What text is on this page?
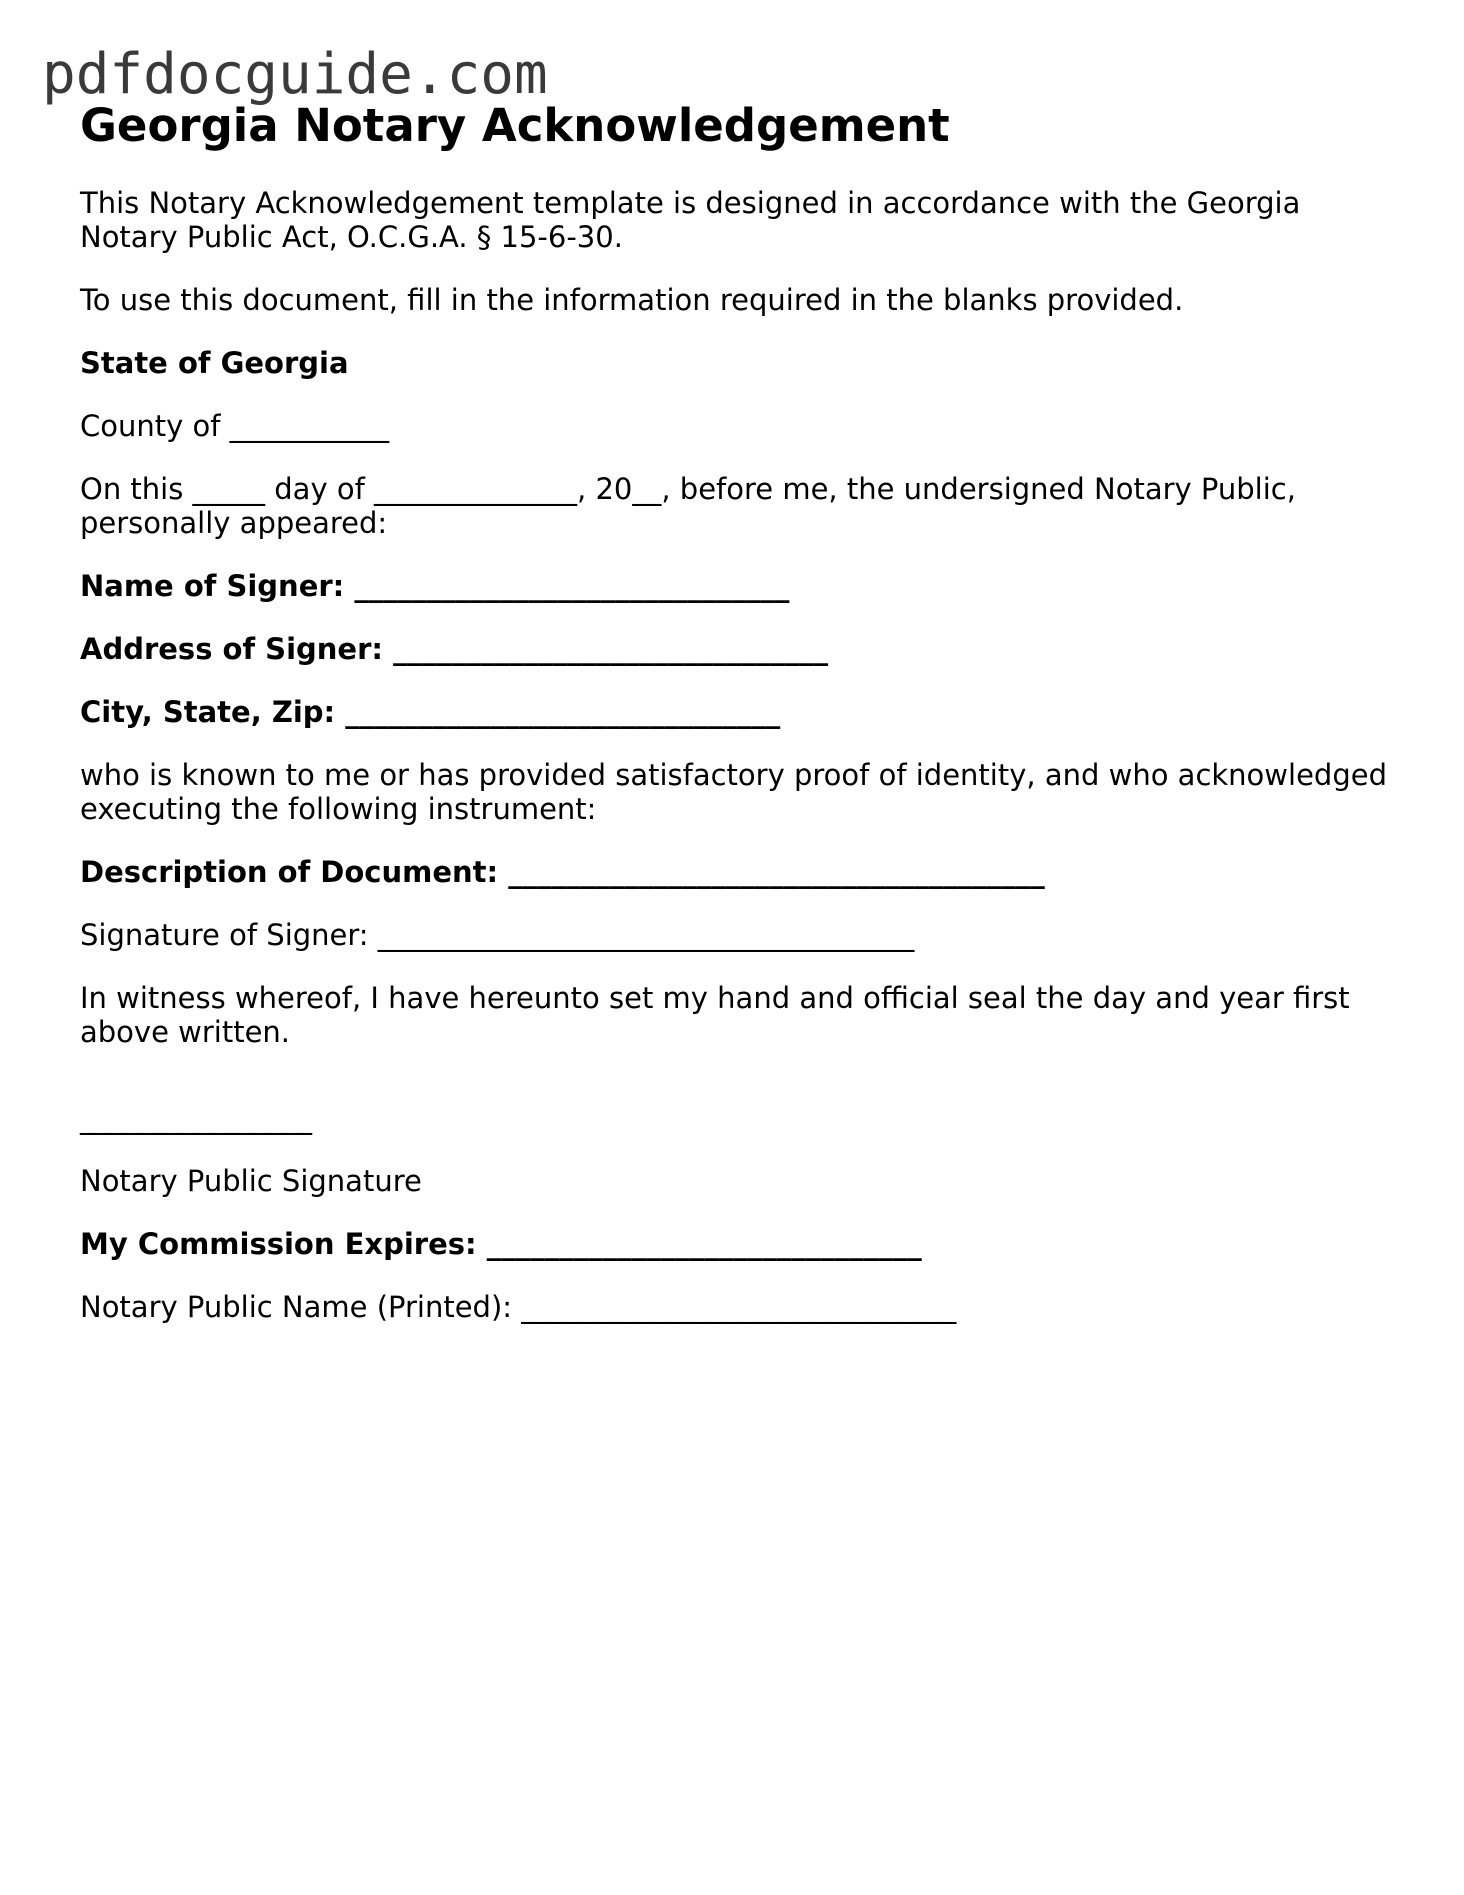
pdfdocguide.com
Georgia Notary Acknowledgement
This Notary Acknowledgement template is designed in accordance with the Georgia Notary Public Act, O.C.G.A. § 15-6-30.
To use this document, fill in the information required in the blanks provided.
State of Georgia
County of ___________
On this _____ day of ______________, 20__, before me, the undersigned Notary Public, personally appeared:
Name of Signer: ______________________________
Address of Signer: ______________________________
City, State, Zip: ______________________________
who is known to me or has provided satisfactory proof of identity, and who acknowledged executing the following instrument:
Description of Document: _____________________________________
Signature of Signer: _____________________________________
In witness whereof, I have hereunto set my hand and official seal the day and year first above written.
________________
Notary Public Signature
My Commission Expires: ______________________________
Notary Public Name (Printed): ______________________________
